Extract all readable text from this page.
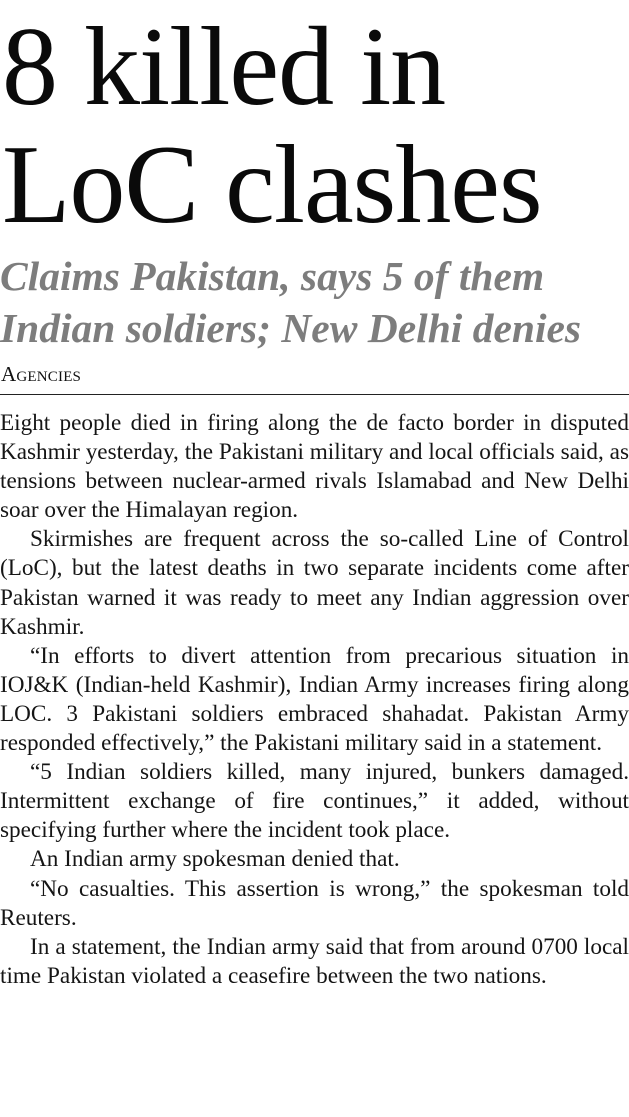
8 killed in
LoC clashes
Claims Pakistan, says 5 of them
Indian soldiers; New Delhi denies

Agencies

Eight people died in firing along the de facto border in disputed Kashmir yesterday, the Pakistani military and local officials said, as tensions between nuclear-armed rivals Islamabad and New Delhi soar over the Himalayan region.

Skirmishes are frequent across the so-called Line of Control (LoC), but the latest deaths in two separate incidents come after Pakistan warned it was ready to meet any Indian aggression over Kashmir.

“In efforts to divert attention from precarious situation in IOJ&K (Indian-held Kashmir), Indian Army increases firing along LOC. 3 Pakistani soldiers embraced shahadat. Pakistan Army responded effectively,” the Pakistani military said in a statement.

“5 Indian soldiers killed, many injured, bunkers damaged. Intermittent exchange of fire continues,” it added, without specifying further where the incident took place.

An Indian army spokesman denied that.

“No casualties. This assertion is wrong,” the spokesman told Reuters.

In a statement, the Indian army said that from around 0700 local time Pakistan violated a ceasefire between the two nations.
